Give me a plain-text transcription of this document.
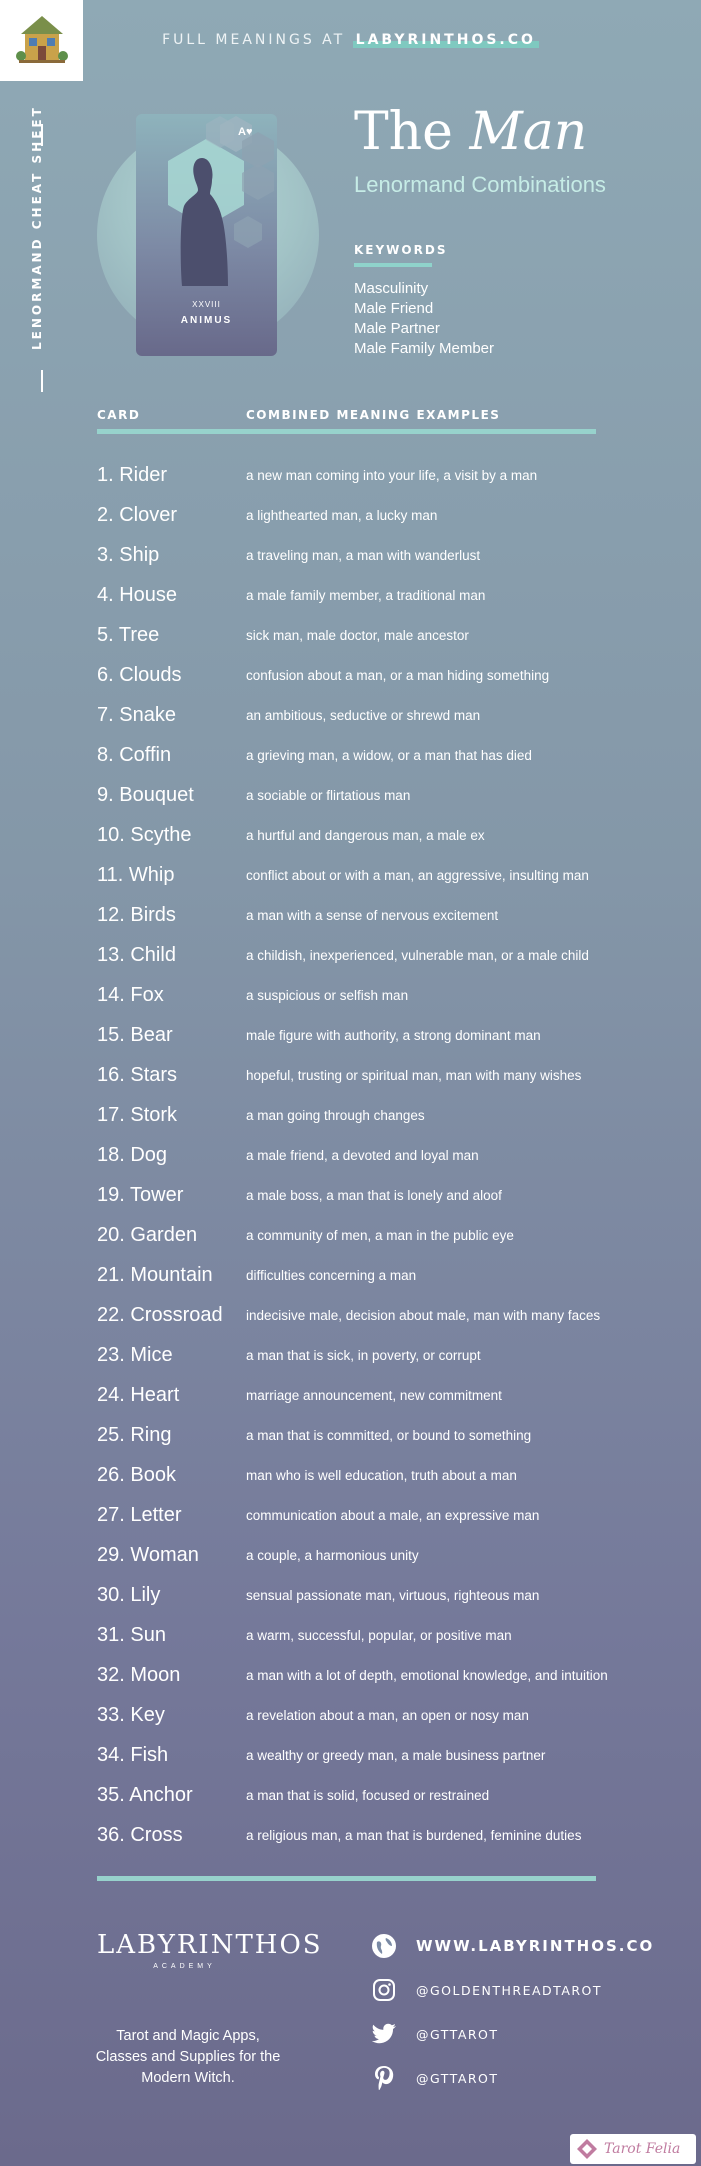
FULL MEANINGS AT LABYRINTHOS.CO
LENORMAND CHEAT SHEET	A♥
XXVIII
ANIMUS
The Man
Lenormand Combinations
KEYWORDS
Masculinity
Male Friend
Male Partner
Male Family Member
CARD	COMBINED MEANING EXAMPLES
1. Rider	a new man coming into your life, a visit by a man
2. Clover	a lighthearted man, a lucky man
3. Ship	a traveling man, a man with wanderlust
4. House	a male family member, a traditional man
5. Tree	sick man, male doctor, male ancestor
6. Clouds	confusion about a man, or a man hiding something
7. Snake	an ambitious, seductive or shrewd man
8. Coffin	a grieving man, a widow, or a man that has died
9. Bouquet	a sociable or flirtatious man
10. Scythe	a hurtful and dangerous man, a male ex
11. Whip	conflict about or with a man, an aggressive, insulting man
12. Birds	a man with a sense of nervous excitement
13. Child	a childish, inexperienced, vulnerable man, or a male child
14. Fox	a suspicious or selfish man
15. Bear	male figure with authority, a strong dominant man
16. Stars	hopeful, trusting or spiritual man, man with many wishes
17. Stork	a man going through changes
18. Dog	a male friend, a devoted and loyal man
19. Tower	a male boss, a man that is lonely and aloof
20. Garden	a community of men, a man in the public eye
21. Mountain	difficulties concerning a man
22. Crossroad	indecisive male, decision about male, man with many faces
23. Mice	a man that is sick, in poverty, or corrupt
24. Heart	marriage announcement, new commitment
25. Ring	a man that is committed, or bound to something
26. Book	man who is well education, truth about a man
27. Letter	communication about a male, an expressive man
29. Woman	a couple, a harmonious unity
30. Lily	sensual passionate man, virtuous, righteous man
31. Sun	a warm, successful, popular, or positive man
32. Moon	a man with a lot of depth, emotional knowledge, and intuition
33. Key	a revelation about a man, an open or nosy man
34. Fish	a wealthy or greedy man, a male business partner
35. Anchor	a man that is solid, focused or restrained
36. Cross	a religious man, a man that is burdened, feminine duties
LABYRINTHOS
ACADEMY
Tarot and Magic Apps, Classes and Supplies for the Modern Witch.
WWW.LABYRINTHOS.CO
@GOLDENTHREADTAROT
@GTTAROT
@GTTAROT
Tarot Felia
